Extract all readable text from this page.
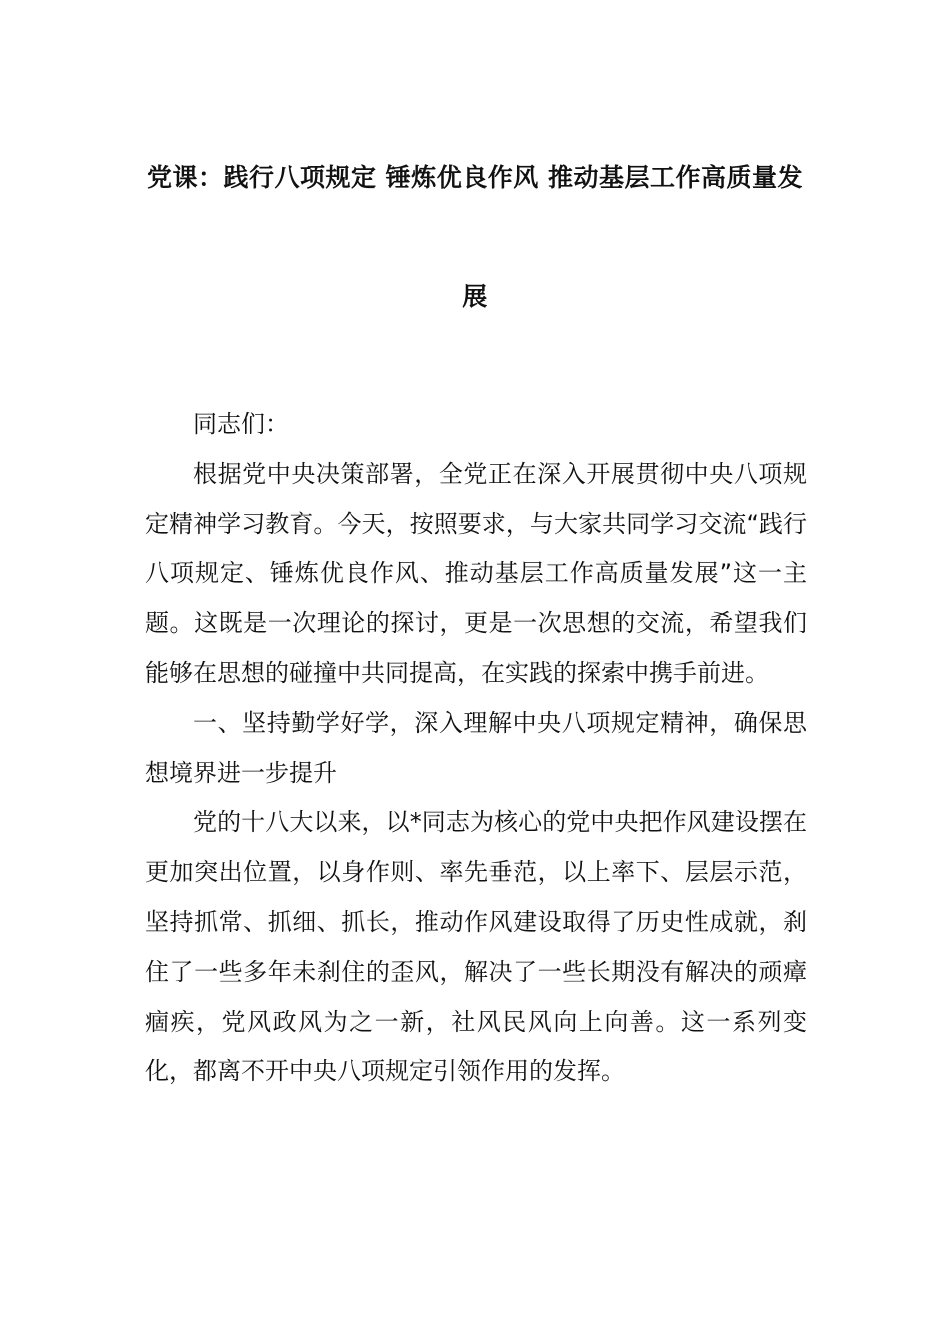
党课：践行八项规定 锤炼优良作风 推动基层工作高质量发
展

同志们：

根据党中央决策部署，全党正在深入开展贯彻中央八项规定精神学习教育。今天，按照要求，与大家共同学习交流“践行八项规定、锤炼优良作风、推动基层工作高质量发展”这一主题。这既是一次理论的探讨，更是一次思想的交流，希望我们能够在思想的碰撞中共同提高，在实践的探索中携手前进。

一、坚持勤学好学，深入理解中央八项规定精神，确保思想境界进一步提升

党的十八大以来，以*同志为核心的党中央把作风建设摆在更加突出位置，以身作则、率先垂范，以上率下、层层示范，坚持抓常、抓细、抓长，推动作风建设取得了历史性成就，刹住了一些多年未刹住的歪风，解决了一些长期没有解决的顽瘴痼疾，党风政风为之一新，社风民风向上向善。这一系列变化，都离不开中央八项规定引领作用的发挥。
